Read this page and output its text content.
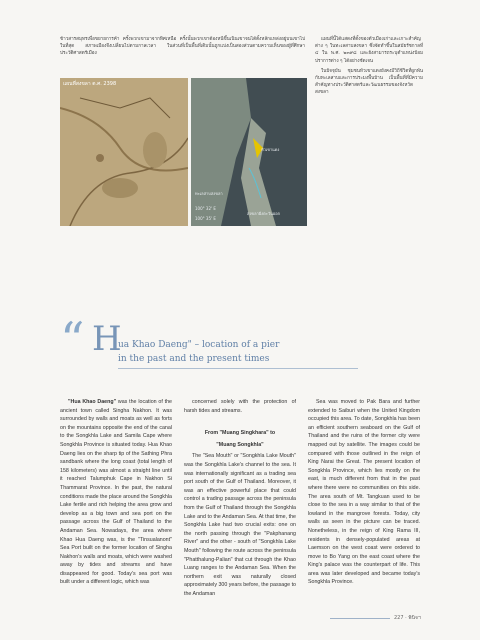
ข้าวสารสมุทรเพื่อขยายการค้า ครั้งพวกเขามาจากทิศเหนือ ครั้งนั้นพวกเขาต้องหนีขึ้นเนินเขาจนได้ตั้งหลักแหล่งอยู่บนเขาไปในที่สุด สภาพเมืองจึงเปลี่ยนไปตามกาลเวลา ในส่วนที่เป็นพื้นที่เดิมนั้นถูกแบ่งเป็นสองส่วนตามความเห็นของผู้ที่ศึกษาประวัติศาสตร์เมือง

แผนที่สงขลา ต.ศ. 2398
หัวเขาแดง
ทะเลสาบสงขลา
สงขลาฝั่งตะวันออก
100° 35' E
100° 32' E

แผนที่นี้ได้แสดงที่ตั้งของตัวเมืองเก่าและเกาะสำคัญต่าง ๆ ในทะเลสาบสงขลา ซึ่งจัดทำขึ้นในสมัยรัชกาลที่ ๔ ใน พ.ศ. ๒๓๙๘ และยังสามารถระบุตำแหน่งป้อมปราการต่าง ๆ ได้อย่างชัดเจน

ในปัจจุบัน ชุมชนหัวเขาแดงยังคงมีวิถีชีวิตที่ผูกพันกับทะเลสาบและการประมงพื้นบ้าน เป็นพื้นที่ที่มีความสำคัญทางประวัติศาสตร์และวัฒนธรรมของจังหวัดสงขลา

“ H
ua Khao Daeng" – location of a pier
in the past and the present times

"Hua Khao Daeng" was the location of the ancient town called Singha Nakhon. It was surrounded by walls and moats as well as forts on the mountains opposite the end of the canal to the Songkhla Lake and Samila Cape where Songkhla Province is situated today. Hua Khao Daeng lies on the sharp tip of the Sathing Phra sandbank where the long coast (total length of 158 kilometers) was almost a straight line until it reached Talumphuk Cape in Nakhon Si Thammarat Province. In the past, the natural conditions made the place around the Songkhla Lake fertile and rich helping the area grow and develop as a big town and sea port on the passage across the Gulf of Thailand to the Andaman Sea. Nowadays, the area where Khao Hua Daeng was, is the "Tinsualanont" Sea Port built on the former location of Singha Nakhon's walls and moats, which were washed away by tides and streams and have disappeared for good. Today's sea port was built under a different logic, which was

concerned solely with the protection of harsh tides and streams.

From "Muang Singkhara" to

"Muang Songkhla"

The "Sea Mouth" or "Songkhla Lake Mouth" was the Songkhla Lake's channel to the sea. It was internationally significant as a trading sea port south of the Gulf of Thailand. Moreover, it was an effective powerful place that could control a trading passage across the peninsula from the Gulf of Thailand through the Songkhla Lake and to the Andaman Sea. At that time, the Songkhla Lake had two crucial exits: one on the north passing through the "Pakphanang River" and the other - south of "Songkhla Lake Mouth" following the route across the peninsula "Phatthalung-Palian" that cut through the Khao Luang ranges to the Andaman Sea. When the northern exit was naturally closed approximately 300 years before, the passage to the Andaman

Sea was moved to Pak Bara and further extended to Saiburi when the United Kingdom occupied this area. To date, Songkhla has been an efficient southern seaboard on the Gulf of Thailand and the ruins of the former city were mapped out by satellite. The images could be compared with those outlined in the reign of King Narai the Great. The present location of Songkhla Province, which lies mostly on the east, is much different from that in the past where there were no communities on this side. The area south of Mt. Tangkuan used to be close to the sea in a way similar to that of the lowland in the mangrove forests. Today, city walls as seen in the picture can be traced. Nonetheless, in the reign of King Rama III, residents in densely-populated areas at Laemson on the west coast were ordered to move to Bo Yang on the east coast where the King's palace was the counterpart of life. This area was later developed and became today's Songkhla Province.

227 · พินิจฯ
